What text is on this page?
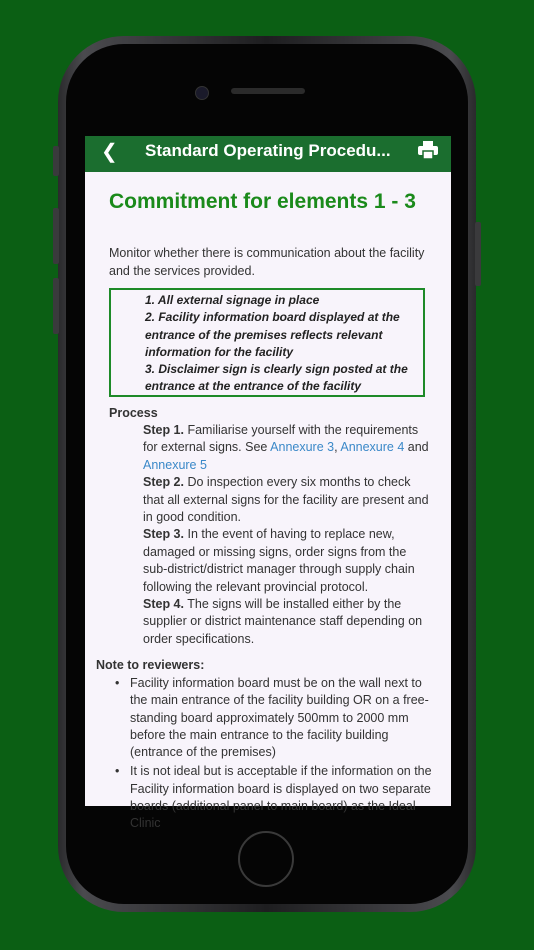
❮ Standard Operating Procedu...
Commitment for elements 1 - 3
Monitor whether there is communication about the facility and the services provided.

1. All external signage in place

2. Facility information board displayed at the entrance of the premises reflects relevant information for the facility

3. Disclaimer sign is clearly sign posted at the entrance at the entrance of the facility

Process

Step 1. Familiarise yourself with the requirements for external signs. See Annexure 3, Annexure 4 and Annexure 5

Step 2. Do inspection every six months to check that all external signs for the facility are present and in good condition.

Step 3. In the event of having to replace new, damaged or missing signs, order signs from the sub-district/district manager through supply chain following the relevant provincial protocol.

Step 4. The signs will be installed either by the supplier or district maintenance staff depending on order specifications.

Note to reviewers:
• Facility information board must be on the wall next to the main entrance of the facility building OR on a free-standing board approximately 500mm to 2000 mm before the main entrance to the facility building (entrance of the premises)
• It is not ideal but is acceptable if the information on the Facility information board is displayed on two separate boards (additional panel to main board) as the Ideal Clinic
